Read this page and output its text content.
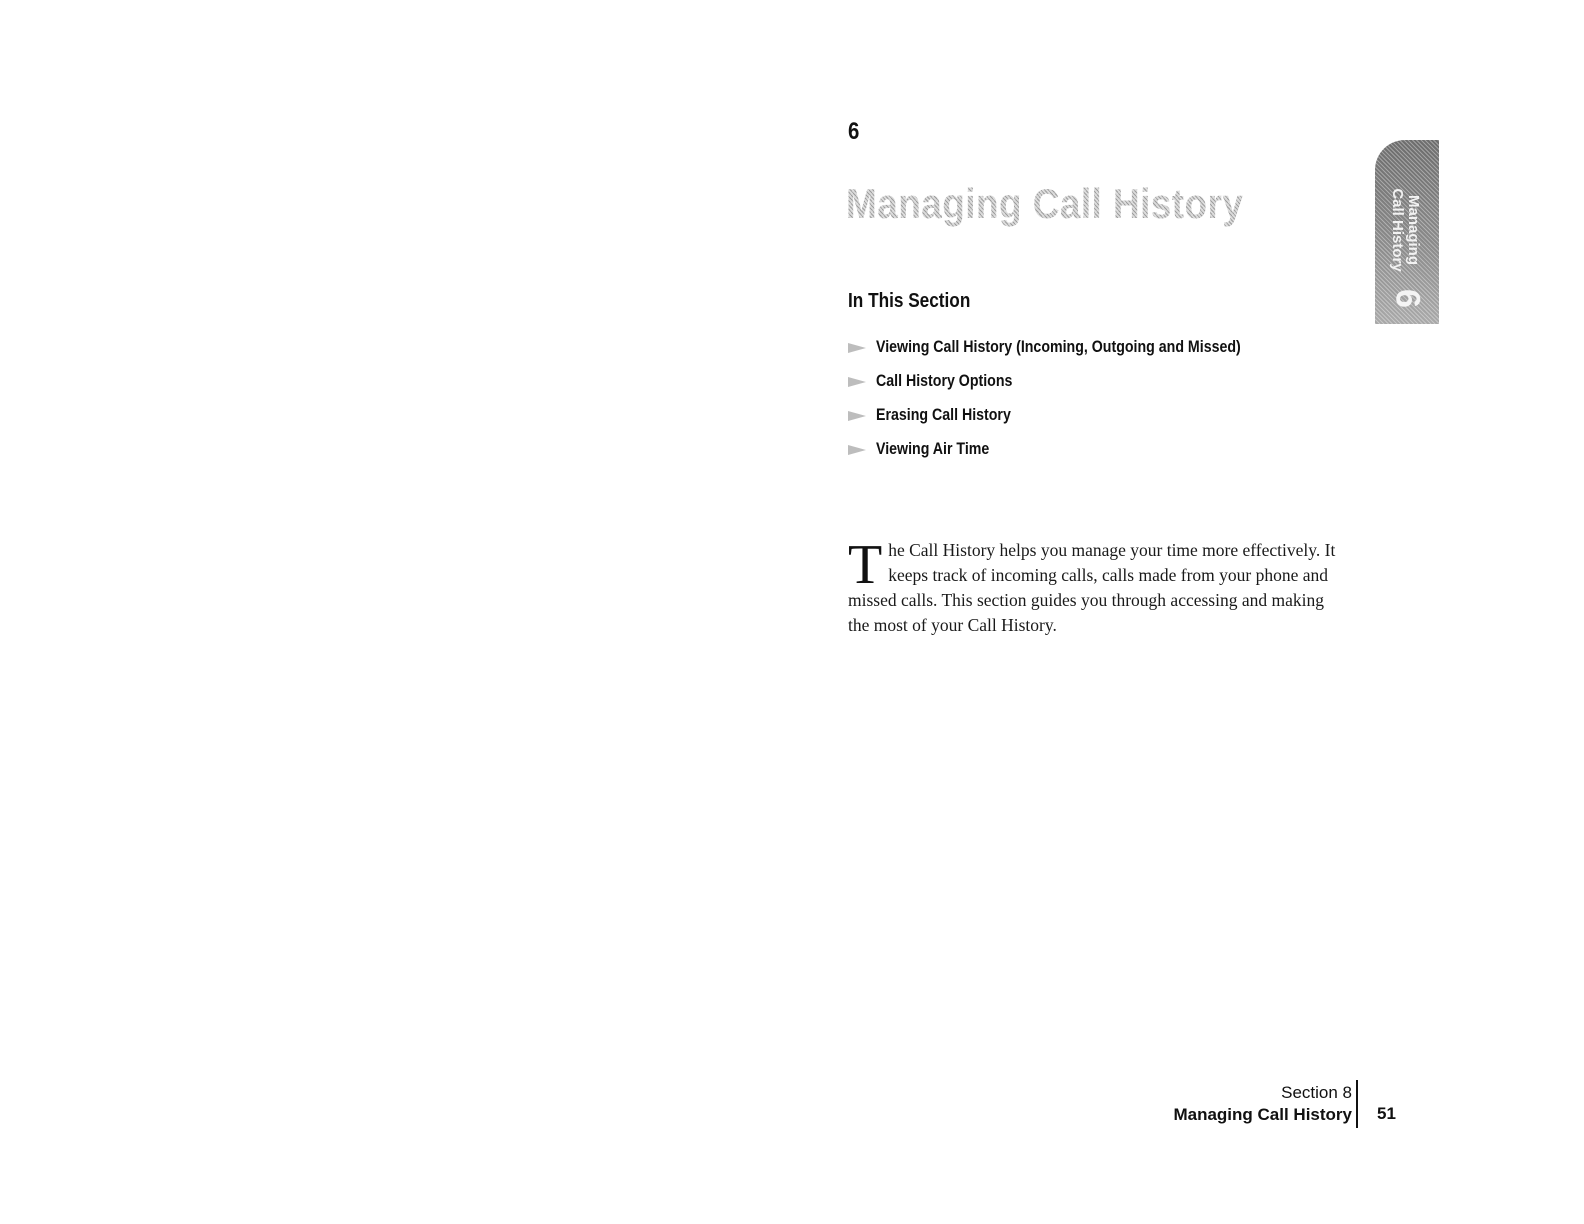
6
Managing Call History
In This Section
Viewing Call History (Incoming, Outgoing and Missed)
Call History Options
Erasing Call History
Viewing Air Time

The Call History helps you manage your time more effectively. It keeps track of incoming calls, calls made from your phone and missed calls. This section guides you through accessing and making the most of your Call History.

Managing
Call History
6
Section 8
Managing Call History 51
